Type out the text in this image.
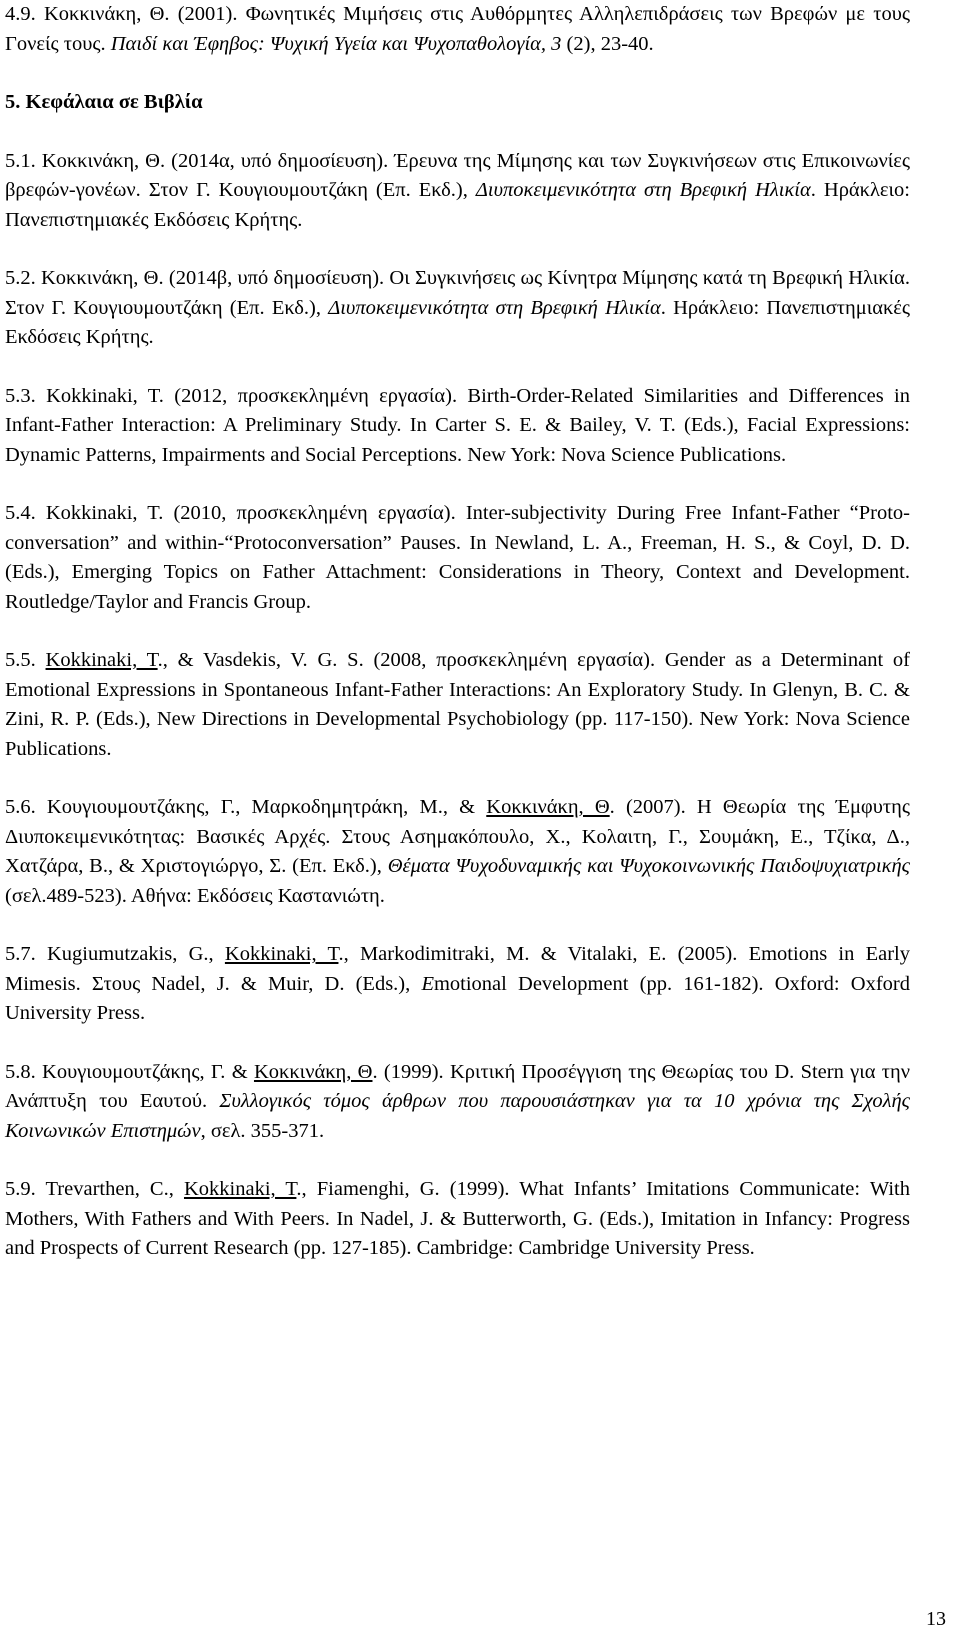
4.9. Κοκκινάκη, Θ. (2001). Φωνητικές Μιμήσεις στις Αυθόρμητες Αλληλεπιδράσεις των Βρεφών με τους Γονείς τους. Παιδί και Έφηβος: Ψυχική Υγεία και Ψυχοπαθολογία, 3 (2), 23-40.

5. Κεφάλαια σε Βιβλία

5.1. Κοκκινάκη, Θ. (2014α, υπό δημοσίευση). Έρευνα της Μίμησης και των Συγκινήσεων στις Επικοινωνίες βρεφών-γονέων. Στον Γ. Κουγιουμουτζάκη (Επ. Εκδ.), Διυποκειμενικότητα στη Βρεφική Ηλικία. Ηράκλειο: Πανεπιστημιακές Εκδόσεις Κρήτης.

5.2. Κοκκινάκη, Θ. (2014β, υπό δημοσίευση). Οι Συγκινήσεις ως Κίνητρα Μίμησης κατά τη Βρεφική Ηλικία. Στον Γ. Κουγιουμουτζάκη (Επ. Εκδ.), Διυποκειμενικότητα στη Βρεφική Ηλικία. Ηράκλειο: Πανεπιστημιακές Εκδόσεις Κρήτης.

5.3. Kokkinaki, T. (2012, προσκεκλημένη εργασία). Birth-Order-Related Similarities and Differences in Infant-Father Interaction: A Preliminary Study. In Carter S. E. & Bailey, V. T. (Eds.), Facial Expressions: Dynamic Patterns, Impairments and Social Perceptions. New York: Nova Science Publications.

5.4. Kokkinaki, T. (2010, προσκεκλημένη εργασία). Inter-subjectivity During Free Infant-Father “Proto-conversation” and within-“Protoconversation” Pauses. In Newland, L. A., Freeman, H. S., & Coyl, D. D. (Eds.), Emerging Topics on Father Attachment: Considerations in Theory, Context and Development. Routledge/Taylor and Francis Group.

5.5. Kokkinaki, T., & Vasdekis, V. G. S. (2008, προσκεκλημένη εργασία). Gender as a Determinant of Emotional Expressions in Spontaneous Infant-Father Interactions: An Exploratory Study. In Glenyn, B. C. & Zini, R. P. (Eds.), New Directions in Developmental Psychobiology (pp. 117-150). New York: Nova Science Publications.

5.6. Κουγιουμουτζάκης, Γ., Μαρκοδημητράκη, Μ., & Κοκκινάκη, Θ. (2007). Η Θεωρία της Έμφυτης Διυποκειμενικότητας: Βασικές Αρχές. Στους Ασημακόπουλο, Χ., Κολαιτη, Γ., Σουμάκη, Ε., Τζίκα, Δ., Χατζάρα, Β., & Χριστογιώργο, Σ. (Επ. Εκδ.), Θέματα Ψυχοδυναμικής και Ψυχοκοινωνικής Παιδοψυχιατρικής (σελ.489-523). Αθήνα: Εκδόσεις Καστανιώτη.

5.7. Kugiumutzakis, G., Kokkinaki, T., Markodimitraki, M. & Vitalaki, E. (2005). Emotions in Early Mimesis. Στους Nadel, J. & Muir, D. (Eds.), Emotional Development (pp. 161-182). Oxford: Oxford University Press.

5.8. Κουγιουμουτζάκης, Γ. & Κοκκινάκη, Θ. (1999). Κριτική Προσέγγιση της Θεωρίας του D. Stern για την Ανάπτυξη του Εαυτού. Συλλογικός τόμος άρθρων που παρουσιάστηκαν για τα 10 χρόνια της Σχολής Κοινωνικών Επιστημών, σελ. 355-371.

5.9. Trevarthen, C., Kokkinaki, T., Fiamenghi, G. (1999). What Infants’ Imitations Communicate: With Mothers, With Fathers and With Peers. In Nadel, J. & Butterworth, G. (Eds.), Imitation in Infancy: Progress and Prospects of Current Research (pp. 127-185). Cambridge: Cambridge University Press.

13
